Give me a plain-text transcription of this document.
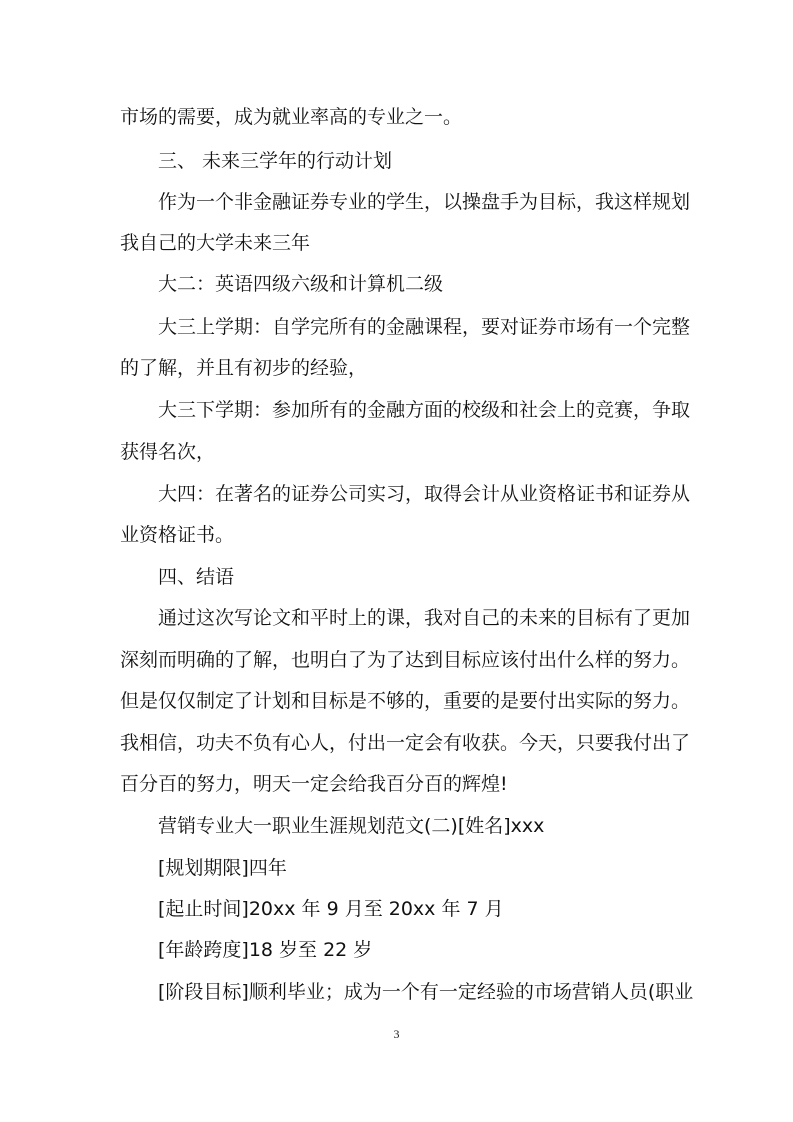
市场的需要，成为就业率高的专业之一。
三、 未来三学年的行动计划
作为一个非金融证券专业的学生，以操盘手为目标，我这样规划
我自己的大学未来三年
大二：英语四级六级和计算机二级
大三上学期：自学完所有的金融课程，要对证券市场有一个完整
的了解，并且有初步的经验，
大三下学期：参加所有的金融方面的校级和社会上的竞赛，争取
获得名次，
大四：在著名的证券公司实习，取得会计从业资格证书和证券从
业资格证书。
四、结语
通过这次写论文和平时上的课，我对自己的未来的目标有了更加
深刻而明确的了解，也明白了为了达到目标应该付出什么样的努力。
但是仅仅制定了计划和目标是不够的，重要的是要付出实际的努力。
我相信，功夫不负有心人，付出一定会有收获。今天，只要我付出了
百分百的努力，明天一定会给我百分百的辉煌!
营销专业大一职业生涯规划范文(二)[姓名]xxx
[规划期限]四年
[起止时间]20xx 年 9 月至 20xx 年 7 月
[年龄跨度]18 岁至 22 岁
[阶段目标]顺利毕业；成为一个有一定经验的市场营销人员(职业
3
